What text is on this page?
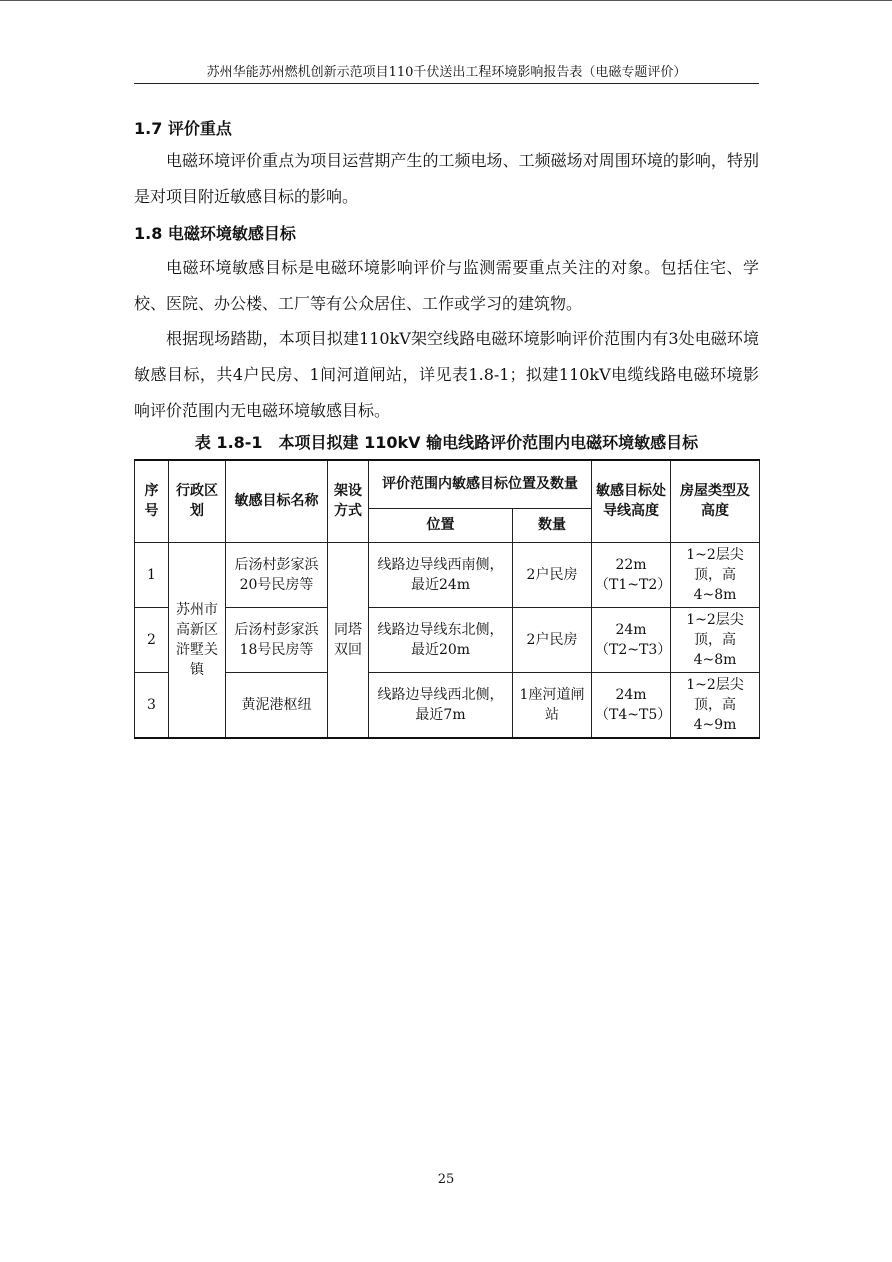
苏州华能苏州燃机创新示范项目110千伏送出工程环境影响报告表（电磁专题评价）
1.7 评价重点

电磁环境评价重点为项目运营期产生的工频电场、工频磁场对周围环境的影响，特别是对项目附近敏感目标的影响。

1.8 电磁环境敏感目标

电磁环境敏感目标是电磁环境影响评价与监测需要重点关注的对象。包括住宅、学校、医院、办公楼、工厂等有公众居住、工作或学习的建筑物。

根据现场踏勘，本项目拟建110kV架空线路电磁环境影响评价范围内有3处电磁环境敏感目标，共4户民房、1间河道闸站，详见表1.8-1；拟建110kV电缆线路电磁环境影响评价范围内无电磁环境敏感目标。

表 1.8-1　本项目拟建 110kV 输电线路评价范围内电磁环境敏感目标
序号	行政区划	敏感目标名称	架设方式	评价范围内敏感目标位置及数量		敏感目标处导线高度	房屋类型及高度
				位置	数量		
1	苏州市高新区浒墅关镇	后汤村彭家浜20号民房等	同塔双回	线路边导线西南侧，最近24m	2户民房	22m（T1~T2）	1~2层尖顶，高4~8m
2		后汤村彭家浜18号民房等		线路边导线东北侧，最近20m	2户民房	24m（T2~T3）	1~2层尖顶，高4~8m
3		黄泥港枢纽		线路边导线西北侧，最近7m	1座河道闸站	24m（T4~T5）	1~2层尖顶，高4~9m
25
